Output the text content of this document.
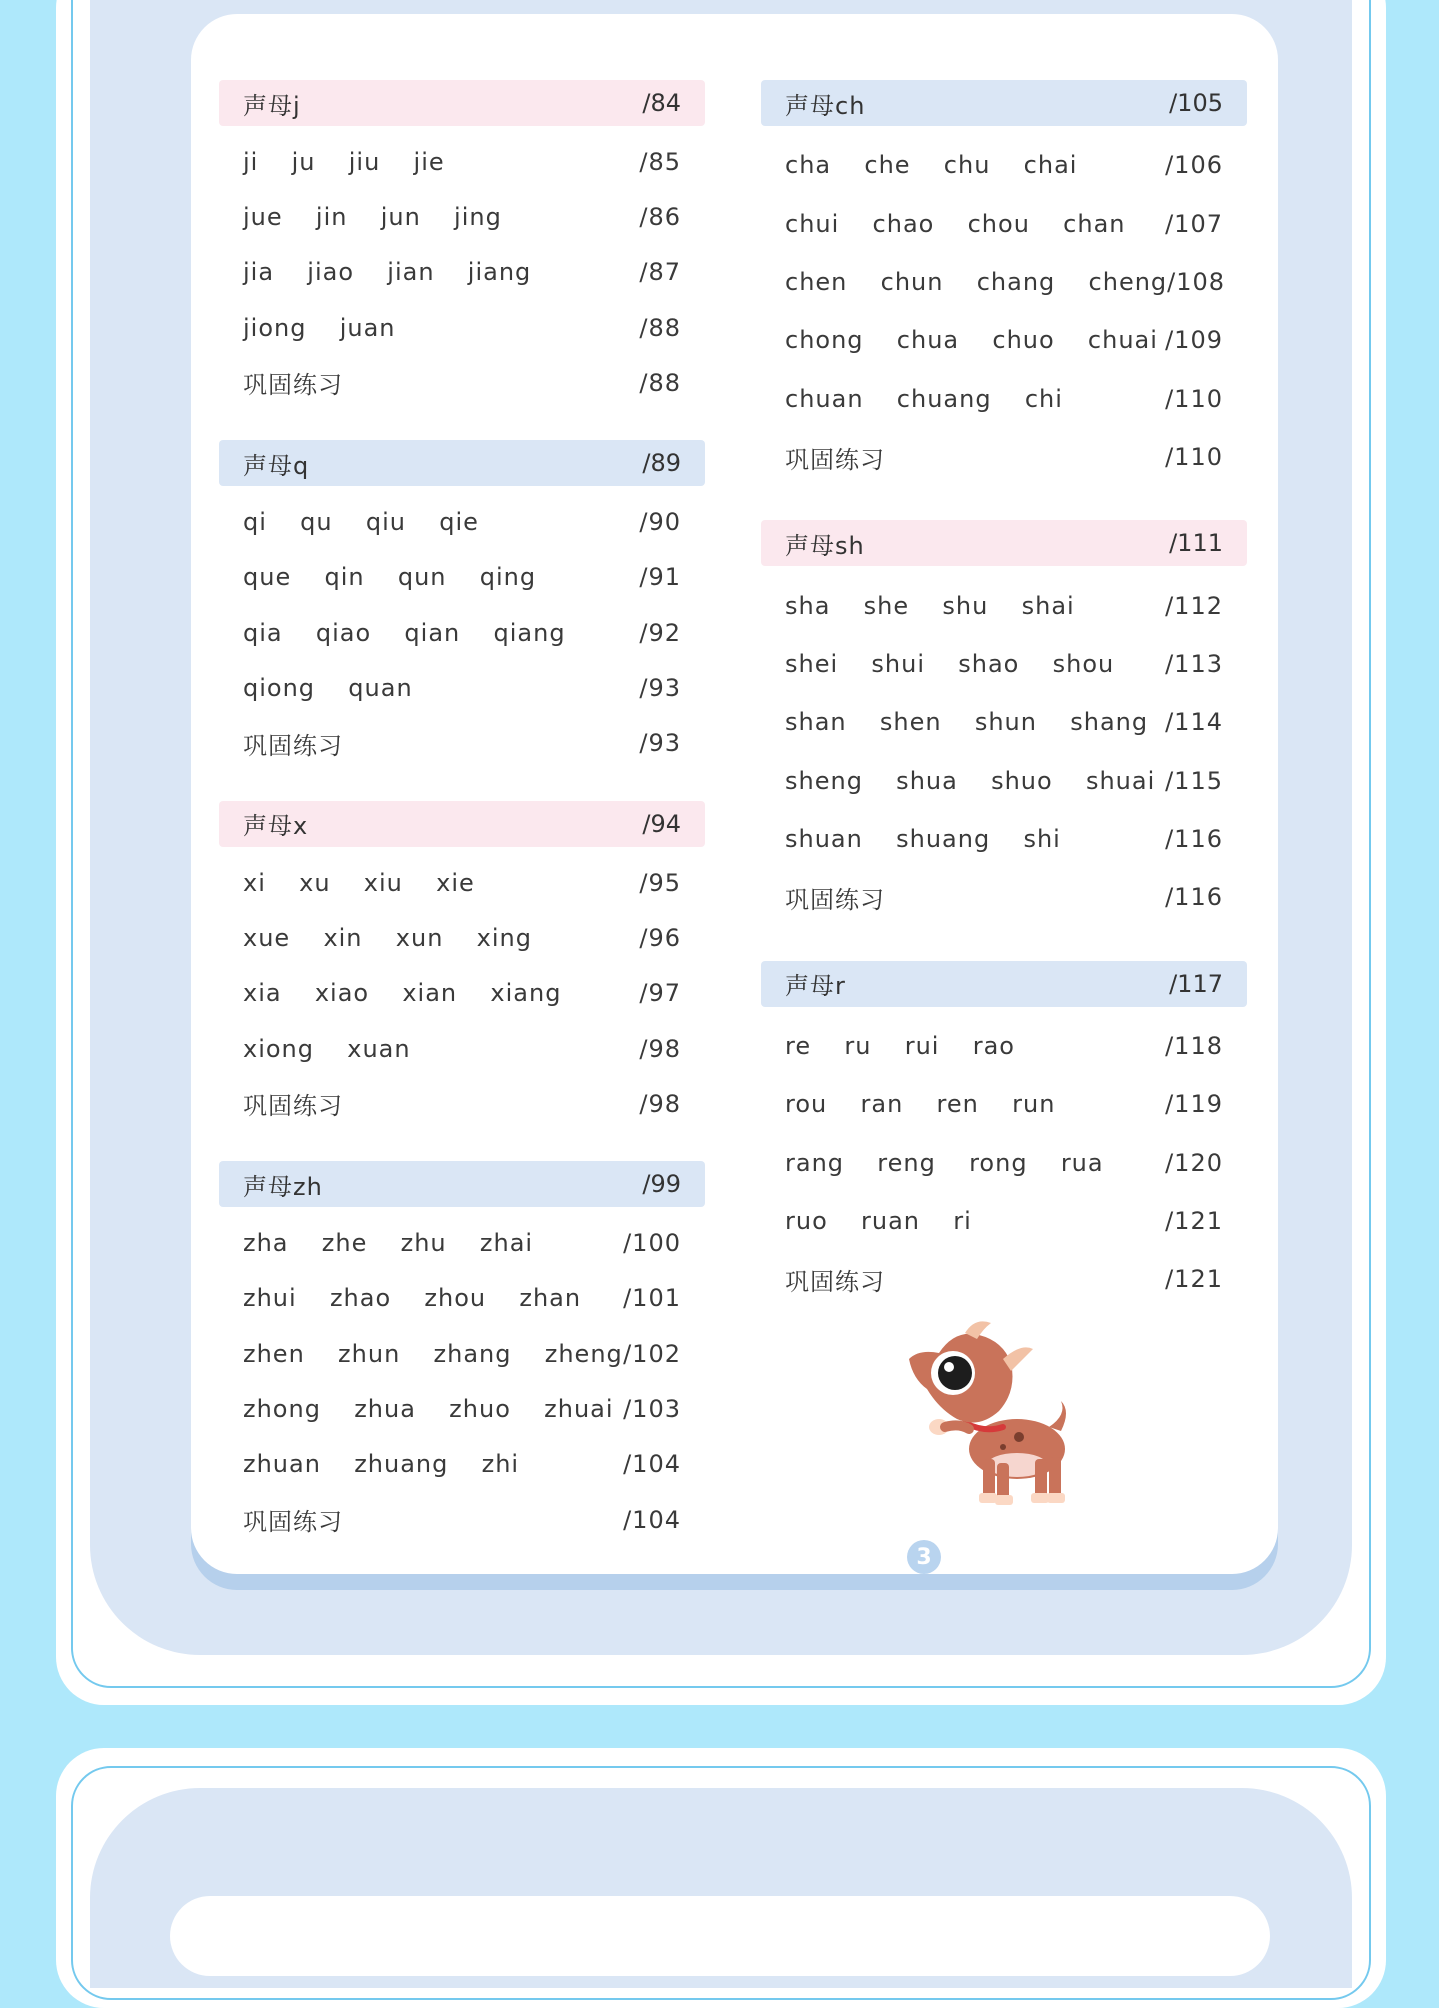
声母j	/84
ji  ju  jiu  jie	/85
jue  jin  jun  jing	/86
jia  jiao  jian  jiang	/87
jiong  juan	/88
巩固练习	/88
声母q	/89
qi  qu  qiu  qie	/90
que  qin  qun  qing	/91
qia  qiao  qian  qiang	/92
qiong  quan	/93
巩固练习	/93
声母x	/94
xi  xu  xiu  xie	/95
xue  xin  xun  xing	/96
xia  xiao  xian  xiang	/97
xiong  xuan	/98
巩固练习	/98
声母zh	/99
zha  zhe  zhu  zhai	/100
zhui  zhao  zhou  zhan /101
zhen  zhun  zhang  zheng /102
zhong  zhua  zhuo  zhuai /103
zhuan  zhuang  zhi	/104
巩固练习	/104
声母ch	/105
cha  che  chu  chai	/106
chui  chao  chou  chan /107
chen  chun  chang  cheng /108
chong  chua  chuo  chuai /109
chuan  chuang  chi	/110
巩固练习	/110
声母sh	/111
sha  she  shu  shai	/112
shei  shui  shao  shou /113
shan  shen  shun  shang /114
sheng  shua  shuo  shuai /115
shuan  shuang  shi	/116
巩固练习	/116
声母r	/117
re  ru  rui  rao	/118
rou  ran  ren  run	/119
rang  reng  rong  rua	/120
ruo  ruan  ri	/121
巩固练习	/121
3
